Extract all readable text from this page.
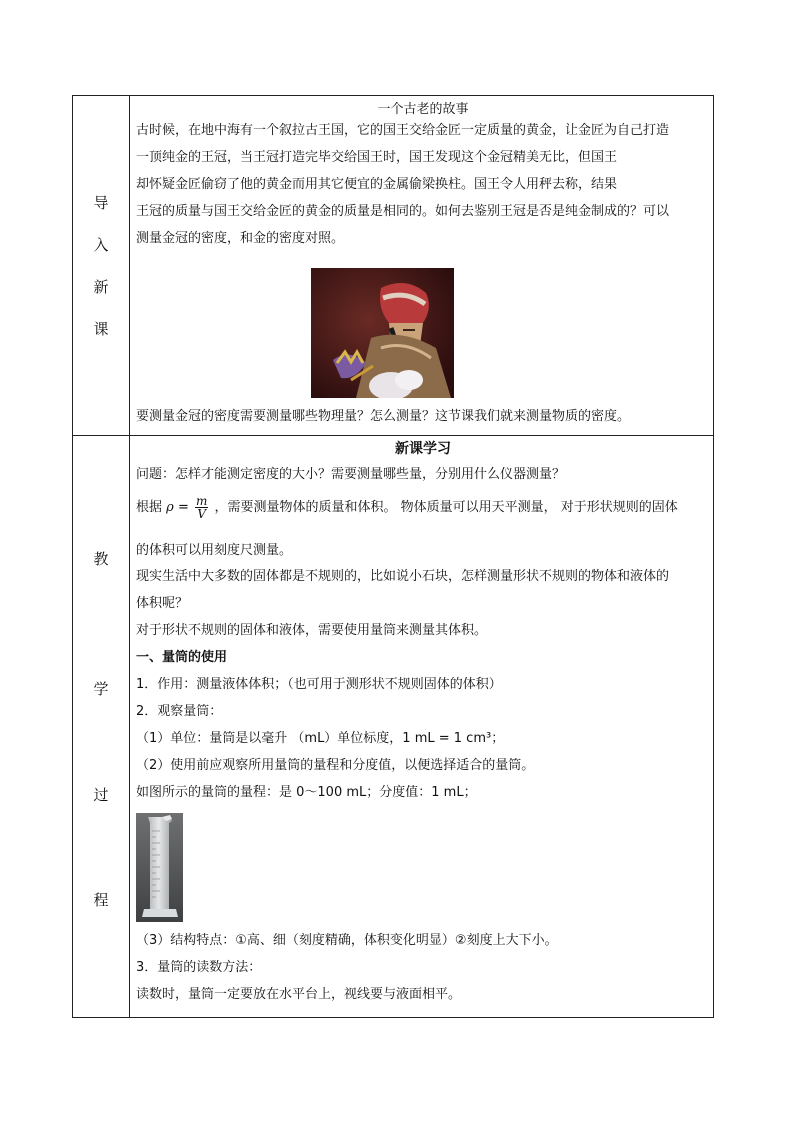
导
入
新
课
一个古老的故事
古时候，在地中海有一个叙拉古王国，它的国王交给金匠一定质量的黄金，让金匠为自己打造
一顶纯金的王冠，当王冠打造完毕交给国王时，国王发现这个金冠精美无比，但国王
却怀疑金匠偷窃了他的黄金而用其它便宜的金属偷梁换柱。国王令人用秤去称，结果
王冠的质量与国王交给金匠的黄金的质量是相同的。如何去鉴别王冠是否是纯金制成的？可以
测量金冠的密度，和金的密度对照。
要测量金冠的密度需要测量哪些物理量？怎么测量？这节课我们就来测量物质的密度。
教
学
过
程
新课学习
问题：怎样才能测定密度的大小？需要测量哪些量，分别用什么仪器测量？
根据 $\rho = \frac{m}{V}$ ，需要测量物体的质量和体积。 物体质量可以用天平测量， 对于形状规则的固体
的体积可以用刻度尺测量。
现实生活中大多数的固体都是不规则的，比如说小石块，怎样测量形状不规则的物体和液体的
体积呢？
对于形状不规则的固体和液体，需要使用量筒来测量其体积。
一、量筒的使用
1．作用：测量液体体积；（也可用于测形状不规则固体的体积）
2．观察量筒：
（1）单位：量筒是以毫升 （mL）单位标度，1 mL = 1 cm³；
（2）使用前应观察所用量筒的量程和分度值，以便选择适合的量筒。
如图所示的量筒的量程：是 0～100 mL；分度值：1 mL；
（3）结构特点：①高、细（刻度精确，体积变化明显）②刻度上大下小。
3．量筒的读数方法：
读数时，量筒一定要放在水平台上，视线要与液面相平。
